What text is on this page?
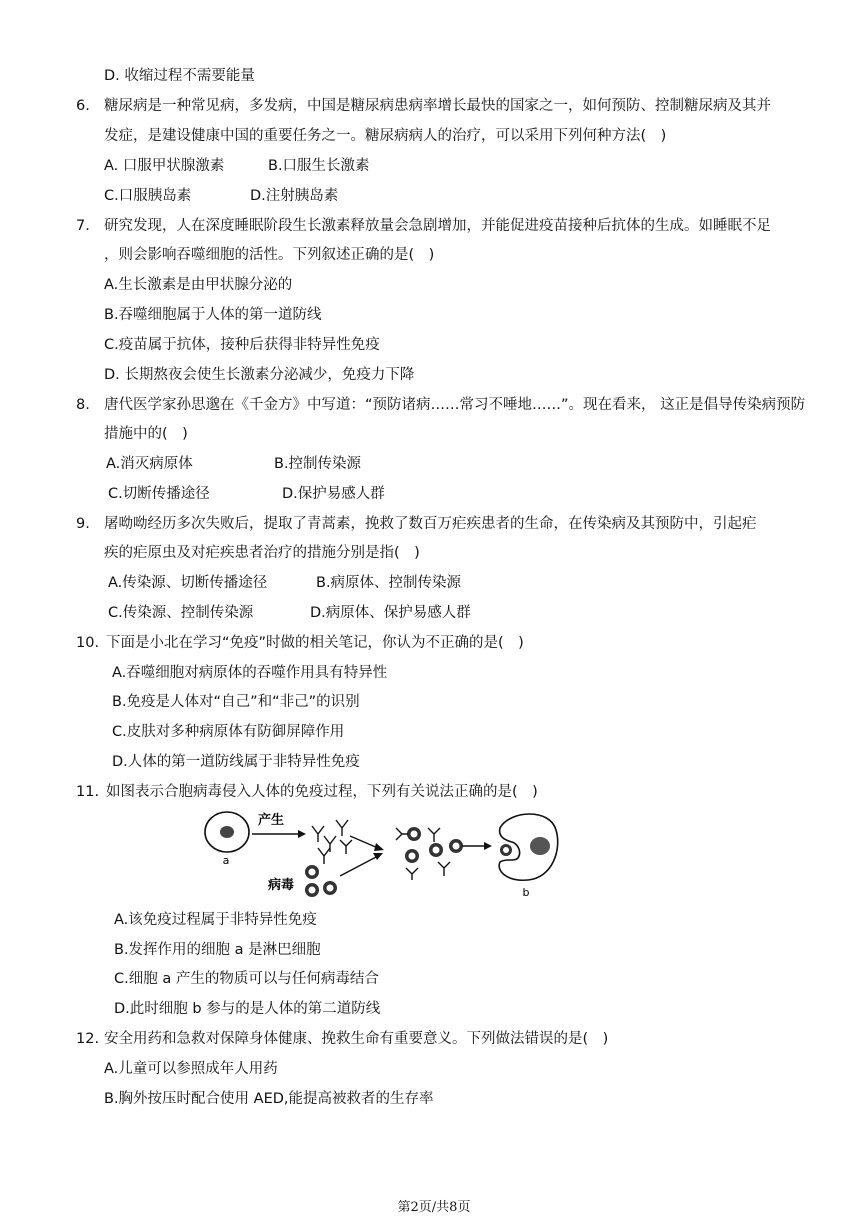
D. 收缩过程不需要能量
6. 糖尿病是一种常见病，多发病，中国是糖尿病患病率增长最快的国家之一，如何预防、控制糖尿病及其并
发症，是建设健康中国的重要任务之一。糖尿病病人的治疗，可以采用下列何种方法(　)
A. 口服甲状腺激素	B.口服生长激素
C.口服胰岛素	D.注射胰岛素
7. 研究发现，人在深度睡眠阶段生长激素释放量会急剧增加，并能促进疫苗接种后抗体的生成。如睡眠不足
，则会影响吞噬细胞的活性。下列叙述正确的是(　)
A.生长激素是由甲状腺分泌的
B.吞噬细胞属于人体的第一道防线
C.疫苗属于抗体，接种后获得非特异性免疫
D. 长期熬夜会使生长激素分泌减少，免疫力下降
8. 唐代医学家孙思邈在《千金方》中写道：“预防诸病……常习不唾地……”。现在看来， 这正是倡导传染病预防
措施中的(　)
A.消灭病原体	B.控制传染源
C.切断传播途径	D.保护易感人群
9. 屠呦呦经历多次失败后，提取了青蒿素，挽救了数百万疟疾患者的生命，在传染病及其预防中，引起疟
疾的疟原虫及对疟疾患者治疗的措施分别是指(　)
A.传染源、切断传播途径	B.病原体、控制传染源
C.传染源、控制传染源	D.病原体、保护易感人群
10. 下面是小北在学习“免疫”时做的相关笔记，你认为不正确的是(　)
A.吞噬细胞对病原体的吞噬作用具有特异性
B.免疫是人体对“自己”和“非己”的识别
C.皮肤对多种病原体有防御屏障作用
D.人体的第一道防线属于非特异性免疫
11. 如图表示合胞病毒侵入人体的免疫过程，下列有关说法正确的是(　)
a
产生
病毒	b
A.该免疫过程属于非特异性免疫
B.发挥作用的细胞 a 是淋巴细胞
C.细胞 a 产生的物质可以与任何病毒结合
D.此时细胞 b 参与的是人体的第二道防线
12. 安全用药和急救对保障身体健康、挽救生命有重要意义。下列做法错误的是(　)
A.儿童可以参照成年人用药
B.胸外按压时配合使用 AED,能提高被救者的生存率
第2页/共8页
